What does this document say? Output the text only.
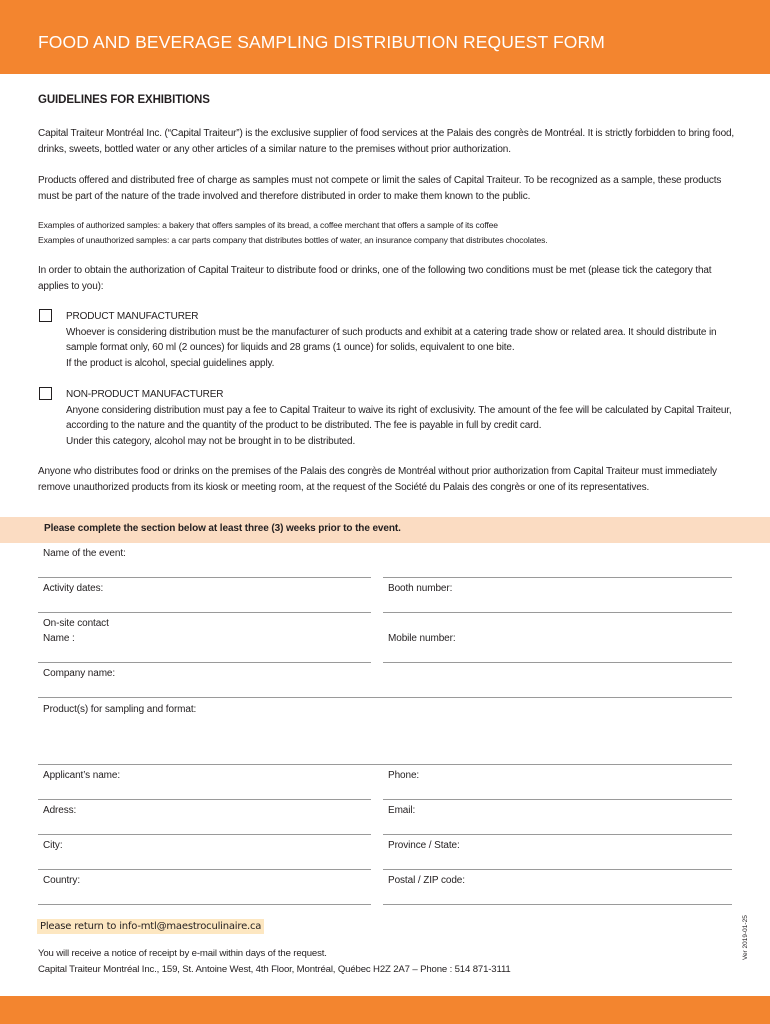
FOOD AND BEVERAGE SAMPLING DISTRIBUTION REQUEST FORM
GUIDELINES FOR EXHIBITIONS
Capital Traiteur Montréal Inc. (“Capital Traiteur”) is the exclusive supplier of food services at the Palais des congrès de Montréal. It is strictly forbidden to bring food, drinks, sweets, bottled water or any other articles of a similar nature to the premises without prior authorization.
Products offered and distributed free of charge as samples must not compete or limit the sales of Capital Traiteur. To be recognized as a sample, these products must be part of the nature of the trade involved and therefore distributed in order to make them known to the public.
Examples of authorized samples: a bakery that offers samples of its bread, a coffee merchant that offers a sample of its coffee
Examples of unauthorized samples: a car parts company that distributes bottles of water, an insurance company that distributes chocolates.
In order to obtain the authorization of Capital Traiteur to distribute food or drinks, one of the following two conditions must be met (please tick the category that applies to you):
PRODUCT MANUFACTURER
Whoever is considering distribution must be the manufacturer of such products and exhibit at a catering trade show or related area. It should distribute in sample format only, 60 ml (2 ounces) for liquids and 28 grams (1 ounce) for solids, equivalent to one bite.
If the product is alcohol, special guidelines apply.
NON-PRODUCT MANUFACTURER
Anyone considering distribution must pay a fee to Capital Traiteur to waive its right of exclusivity. The amount of the fee will be calculated by Capital Traiteur, according to the nature and the quantity of the product to be distributed. The fee is payable in full by credit card.
Under this category, alcohol may not be brought in to be distributed.
Anyone who distributes food or drinks on the premises of the Palais des congrès de Montréal without prior authorization from Capital Traiteur must immediately remove unauthorized products from its kiosk or meeting room, at the request of the Société du Palais des congrès or one of its representatives.
Please complete the section below at least three (3) weeks prior to the event.
Name of the event:
Activity dates:	Booth number:
On-site contact
Name :	Mobile number:
Company name:
Product(s) for sampling and format:
Applicant’s name:	Phone:
Adress:	Email:
City:	Province / State:
Country:	Postal / ZIP code:
Please return to info-mtl@maestroculinaire.ca
You will receive a notice of receipt by e-mail within days of the request.
Capital Traiteur Montréal Inc., 159, St. Antoine West, 4th Floor, Montréal, Québec H2Z 2A7 – Phone : 514 871-3111
Ver 2019-01-25
